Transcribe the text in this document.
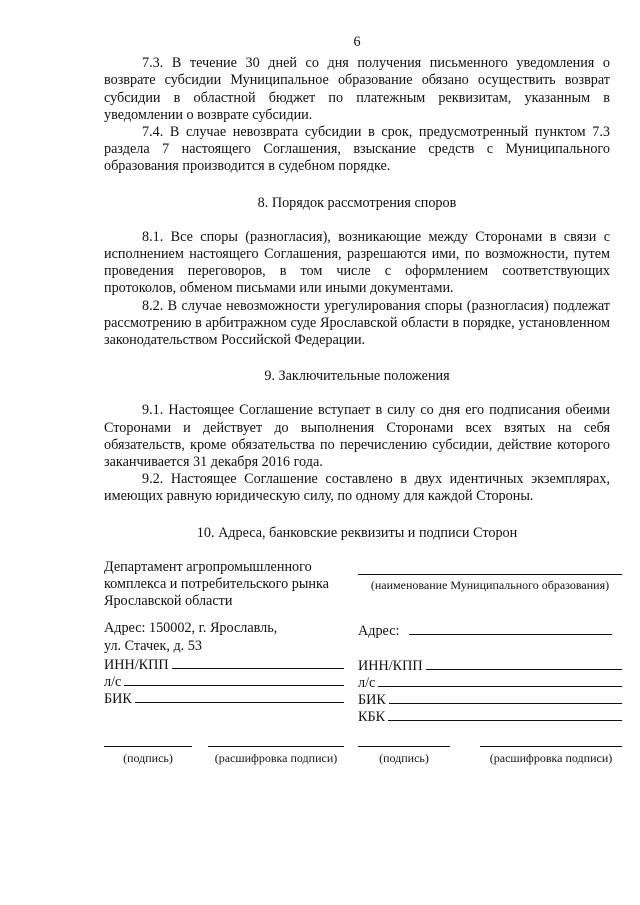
6

7.3. В течение 30 дней со дня получения письменного уведомления о возврате субсидии Муниципальное образование обязано осуществить возврат субсидии в областной бюджет по платежным реквизитам, указанным в уведомлении о возврате субсидии.

7.4. В случае невозврата субсидии в срок, предусмотренный пунктом 7.3 раздела 7 настоящего Соглашения, взыскание средств с Муниципального образования производится в судебном порядке.

8. Порядок рассмотрения споров

8.1. Все споры (разногласия), возникающие между Сторонами в связи с исполнением настоящего Соглашения, разрешаются ими, по возможности, путем проведения переговоров, в том числе с оформлением соответствующих протоколов, обменом письмами или иными документами.

8.2. В случае невозможности урегулирования споры (разногласия) подлежат рассмотрению в арбитражном суде Ярославской области в порядке, установленном законодательством Российской Федерации.

9. Заключительные положения

9.1. Настоящее Соглашение вступает в силу со дня его подписания обеими Сторонами и действует до выполнения Сторонами всех взятых на себя обязательств, кроме обязательства по перечислению субсидии, действие которого заканчивается 31 декабря 2016 года.

9.2. Настоящее Соглашение составлено в двух идентичных экземплярах, имеющих равную юридическую силу, по одному для каждой Стороны.

10. Адреса, банковские реквизиты и подписи Сторон
Департамент агропромышленного
комплекса и потребительского рынка
Ярославской области
Адрес: 150002, г. Ярославль,
ул. Стачек, д. 53
ИНН/КПП
л/с
БИК
(подпись)	(расшифровка подписи)
(наименование Муниципального образования)
Адрес:

ИНН/КПП
л/с
БИК
КБК
(подпись)	(расшифровка подписи)
